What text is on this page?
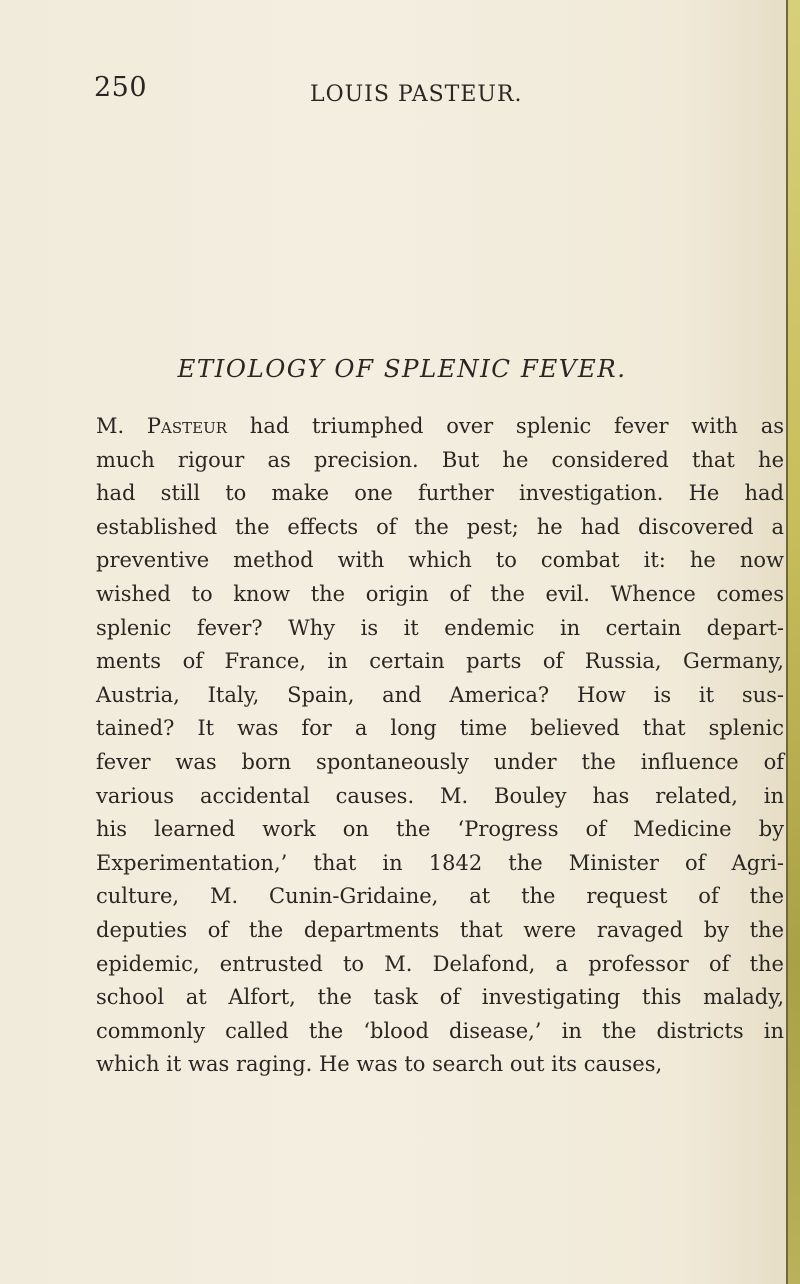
250	LOUIS PASTEUR.
ETIOLOGY OF SPLENIC FEVER.
M. Pasteur had triumphed over splenic fever with as
much rigour as precision. But he considered that he
had still to make one further investigation. He had
established the effects of the pest; he had discovered a
preventive method with which to combat it: he now
wished to know the origin of the evil. Whence comes
splenic fever? Why is it endemic in certain depart-
ments of France, in certain parts of Russia, Germany,
Austria, Italy, Spain, and America? How is it sus-
tained? It was for a long time believed that splenic
fever was born spontaneously under the influence of
various accidental causes. M. Bouley has related, in
his learned work on the ‘Progress of Medicine by
Experimentation,’ that in 1842 the Minister of Agri-
culture, M. Cunin-Gridaine, at the request of the
deputies of the departments that were ravaged by the
epidemic, entrusted to M. Delafond, a professor of the
school at Alfort, the task of investigating this malady,
commonly called the ‘blood disease,’ in the districts in
which it was raging. He was to search out its causes,
